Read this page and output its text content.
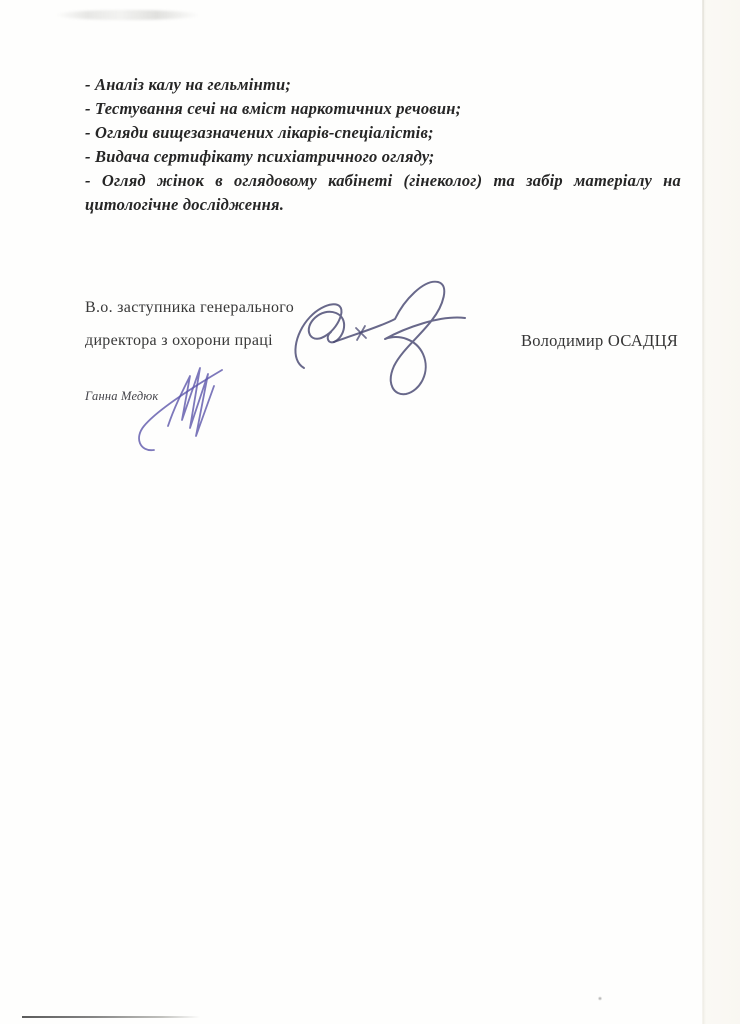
- Аналіз калу на гельмінти;

- Тестування сечі на вміст наркотичних речовин;

- Огляди вищезазначених лікарів-спеціалістів;

- Видача сертифікату психіатричного огляду;

- Огляд жінок в оглядовому кабінеті (гінеколог) та забір матеріалу на

цитологічне дослідження.

В.о. заступника генерального

директора з охорони праці	Володимир ОСАДЦЯ

Ганна Медюк
